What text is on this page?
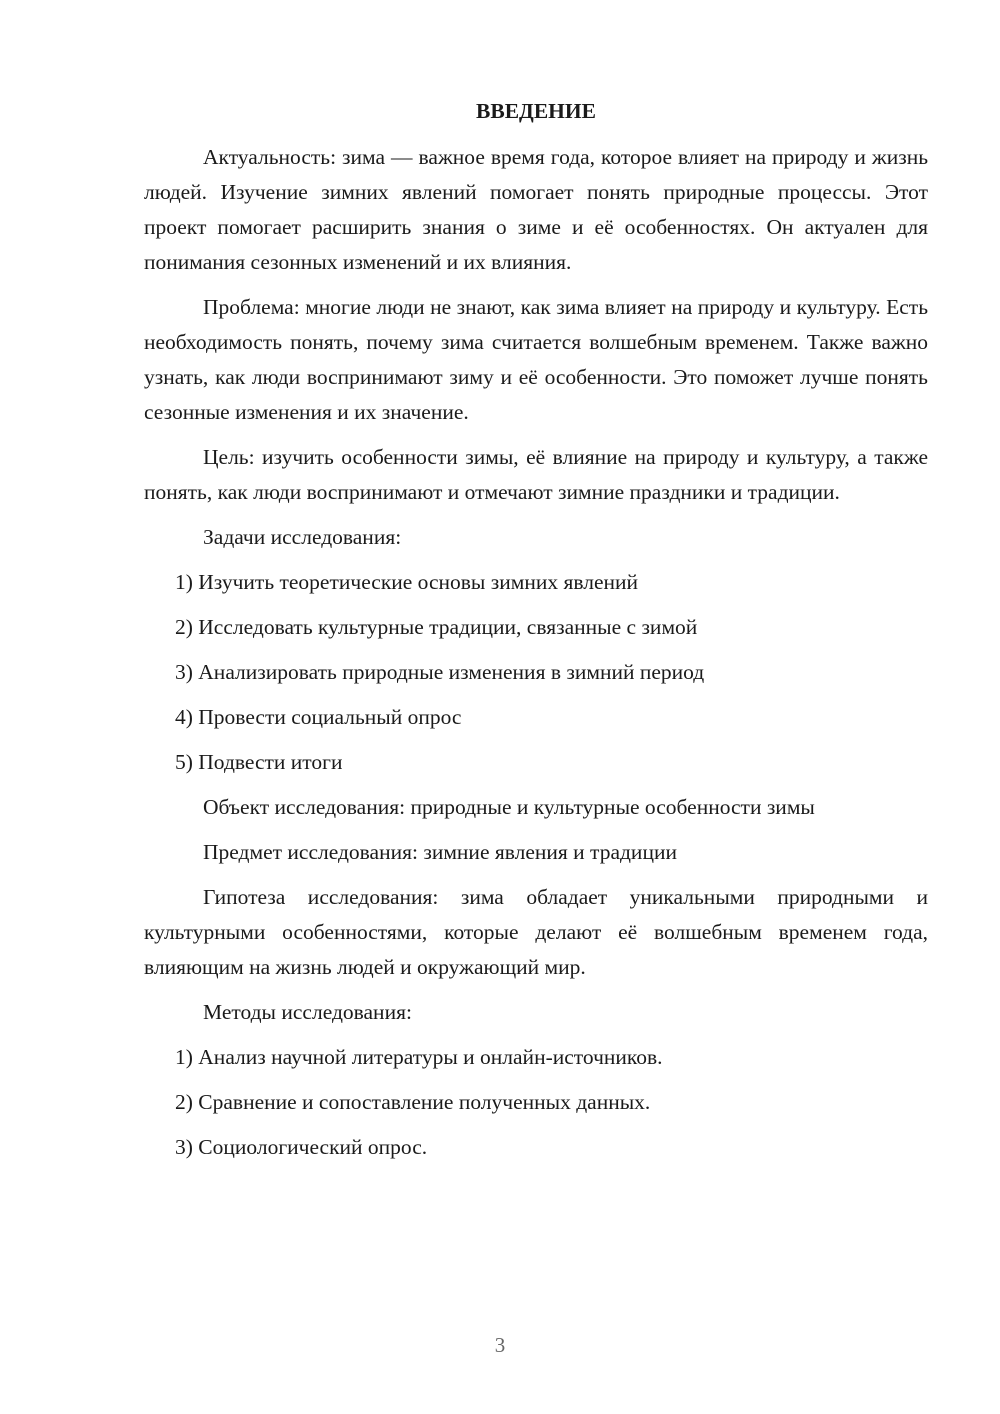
ВВЕДЕНИЕ

Актуальность: зима — важное время года, которое влияет на природу и жизнь людей. Изучение зимних явлений помогает понять природные процессы. Этот проект помогает расширить знания о зиме и её особенностях. Он актуален для понимания сезонных изменений и их влияния.

Проблема: многие люди не знают, как зима влияет на природу и культуру. Есть необходимость понять, почему зима считается волшебным временем. Также важно узнать, как люди воспринимают зиму и её особенности. Это поможет лучше понять сезонные изменения и их значение.

Цель: изучить особенности зимы, её влияние на природу и культуру, а также понять, как люди воспринимают и отмечают зимние праздники и традиции.

Задачи исследования:
1) Изучить теоретические основы зимних явлений
2) Исследовать культурные традиции, связанные с зимой
3) Анализировать природные изменения в зимний период
4) Провести социальный опрос
5) Подвести итоги
Объект исследования: природные и культурные особенности зимы
Предмет исследования: зимние явления и традиции

Гипотеза исследования: зима обладает уникальными природными и культурными особенностями, которые делают её волшебным временем года, влияющим на жизнь людей и окружающий мир.

Методы исследования:
1) Анализ научной литературы и онлайн-источников.
2) Сравнение и сопоставление полученных данных.
3) Социологический опрос.
3
